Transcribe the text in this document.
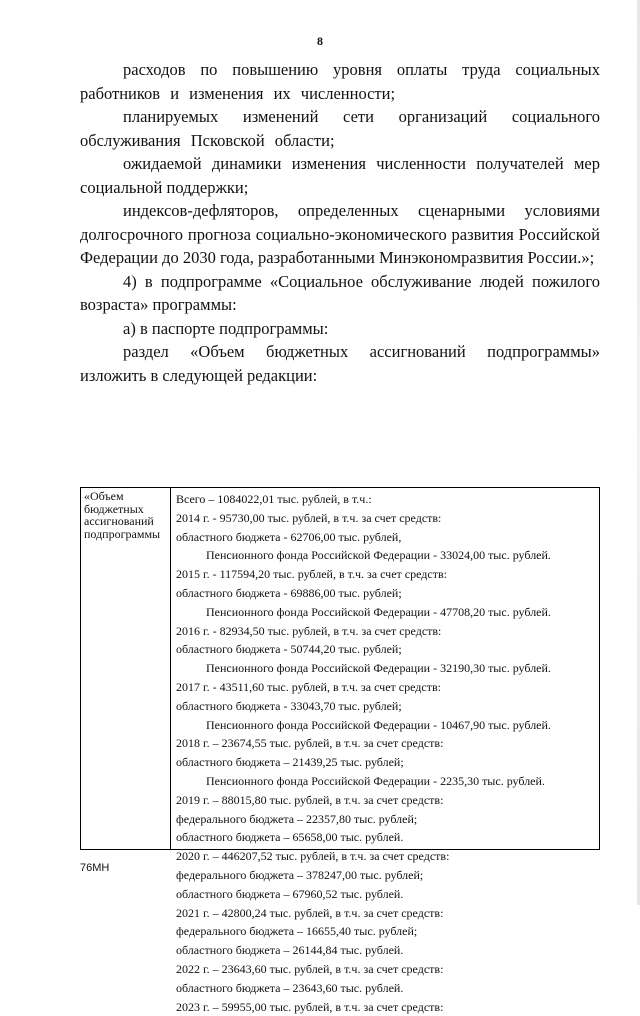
8
расходов по повышению уровня оплаты труда социальных работников и изменения их численности;
планируемых изменений сети организаций социального обслуживания Псковской области;
ожидаемой динамики изменения численности получателей мер социальной поддержки;
индексов-дефляторов, определенных сценарными условиями долгосрочного прогноза социально-экономического развития Российской Федерации до 2030 года, разработанными Минэкономразвития России.»;
4) в подпрограмме «Социальное обслуживание людей пожилого возраста» программы:
а) в паспорте подпрограммы:
раздел «Объем бюджетных ассигнований подпрограммы» изложить в следующей редакции:
«Объем бюджетных ассигнований подпрограммы
Всего – 1084022,01 тыс. рублей, в т.ч.:
2014 г. - 95730,00 тыс. рублей, в т.ч. за счет средств:
областного бюджета - 62706,00 тыс. рублей,
Пенсионного фонда Российской Федерации - 33024,00 тыс. рублей.
2015 г. - 117594,20 тыс. рублей, в т.ч. за счет средств:
областного бюджета - 69886,00 тыс. рублей;
Пенсионного фонда Российской Федерации - 47708,20 тыс. рублей.
2016 г. - 82934,50 тыс. рублей, в т.ч. за счет средств:
областного бюджета - 50744,20 тыс. рублей;
Пенсионного фонда Российской Федерации - 32190,30 тыс. рублей.
2017 г. - 43511,60 тыс. рублей, в т.ч. за счет средств:
областного бюджета - 33043,70 тыс. рублей;
Пенсионного фонда Российской Федерации - 10467,90 тыс. рублей.
2018 г. – 23674,55 тыс. рублей, в т.ч. за счет средств:
областного бюджета – 21439,25 тыс. рублей;
Пенсионного фонда Российской Федерации - 2235,30 тыс. рублей.
2019 г. – 88015,80 тыс. рублей, в т.ч. за счет средств:
федерального бюджета – 22357,80 тыс. рублей;
областного бюджета – 65658,00 тыс. рублей.
2020 г. – 446207,52 тыс. рублей, в т.ч. за счет средств:
федерального бюджета – 378247,00 тыс. рублей;
областного бюджета – 67960,52 тыс. рублей.
2021 г. – 42800,24 тыс. рублей, в т.ч. за счет средств:
федерального бюджета – 16655,40 тыс. рублей;
областного бюджета – 26144,84 тыс. рублей.
2022 г. – 23643,60 тыс. рублей, в т.ч. за счет средств:
областного бюджета – 23643,60 тыс. рублей.
2023 г. – 59955,00 тыс. рублей, в т.ч. за счет средств:
76МН
